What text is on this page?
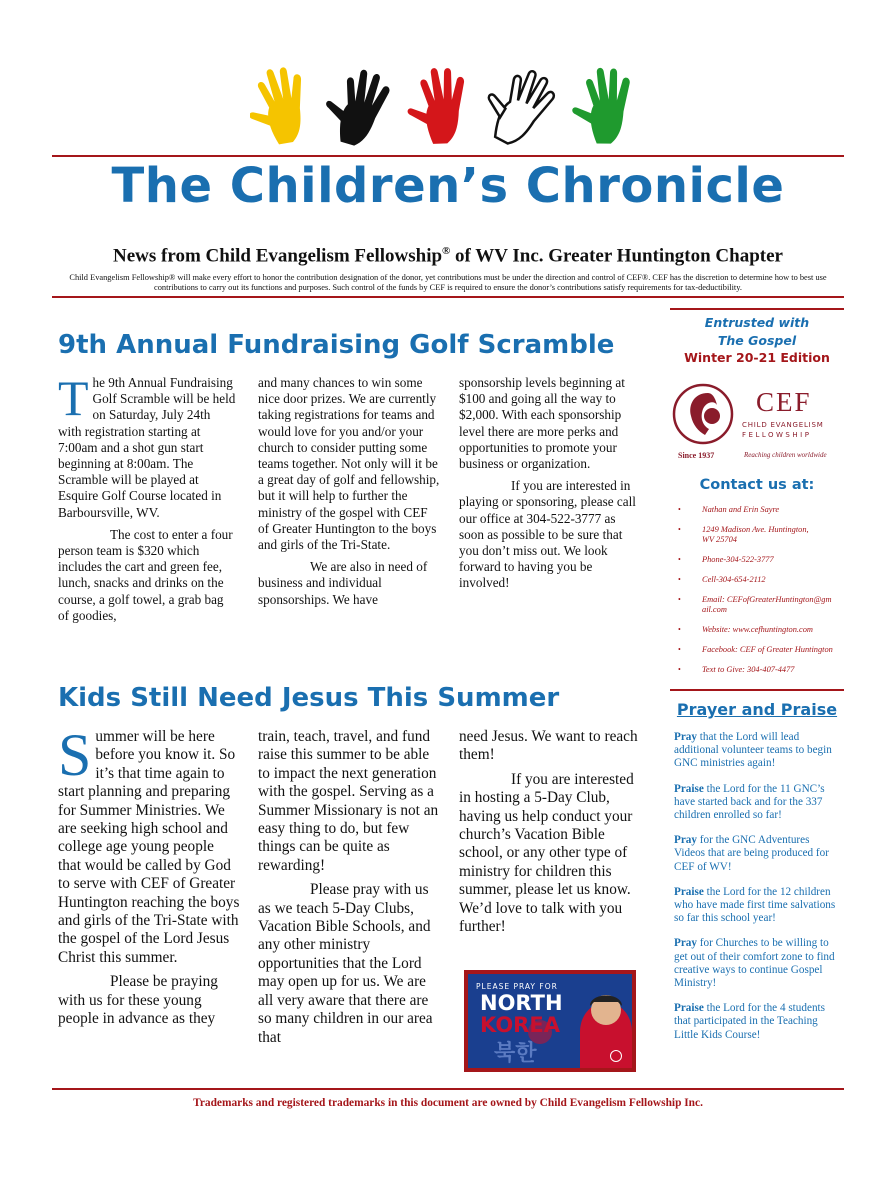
The Children’s Chronicle
News from Child Evangelism Fellowship® of WV Inc. Greater Huntington Chapter
Child Evangelism Fellowship® will make every effort to honor the contribution designation of the donor, yet contributions must be under the direction and control of CEF®. CEF has the discretion to determine how to best use contributions to carry out its functions and purposes. Such control of the funds by CEF is required to ensure the donor’s contributions satisfy requirements for tax-deductibility.
9th Annual Fundraising Golf Scramble
T he 9th Annual Fundraising Golf Scramble will be held on Saturday, July 24th with registration starting at 7:00am and a shot gun start beginning at 8:00am. The Scramble will be played at Esquire Golf Course located in Barboursville, WV.

The cost to enter a four person team is $320 which includes the cart and green fee, lunch, snacks and drinks on the course, a golf towel, a grab bag of goodies,

and many chances to win some nice door prizes. We are currently taking registrations for teams and would love for you and/or your church to consider putting some teams together. Not only will it be a great day of golf and fellowship, but it will help to further the ministry of the gospel with CEF of Greater Huntington to the boys and girls of the Tri-State.

We are also in need of business and individual sponsorships. We have

sponsorship levels beginning at $100 and going all the way to $2,000. With each sponsorship level there are more perks and opportunities to promote your business or organization.

If you are interested in playing or sponsoring, please call our office at 304-522-3777 as soon as possible to be sure that you don’t miss out. We look forward to having you be involved!

Kids Still Need Jesus This Summer
S ummer will be here before you know it. So it’s that time again to start planning and preparing for Summer Ministries. We are seeking high school and college age young people that would be called by God to serve with CEF of Greater Huntington reaching the boys and girls of the Tri-State with the gospel of the Lord Jesus Christ this summer.

Please be praying with us for these young people in advance as they

train, teach, travel, and fund raise this summer to be able to impact the next generation with the gospel. Serving as a Summer Missionary is not an easy thing to do, but few things can be quite as rewarding!

Please pray with us as we teach 5-Day Clubs, Vacation Bible Schools, and any other ministry opportunities that the Lord may open up for us. We are all very aware that there are so many children in our area that

need Jesus. We want to reach them!

If you are interested in hosting a 5-Day Club, having us help conduct your church’s Vacation Bible school, or any other type of ministry for children this summer, please let us know. We’d love to talk with you further!

PLEASE PRAY FOR
NORTH
KOREA
북한
Entrusted with
The Gospel
Winter 20-21 Edition
CEF
CHILD EVANGELISM
FELLOWSHIP
Since 1937	Reaching children worldwide
Contact us at:
• Nathan and Erin Sayre
• 1249 Madison Ave. Huntington, WV 25704
• Phone-304-522-3777
• Cell-304-654-2112
• Email: CEFofGreaterHuntington@gmail.com
• Website: www.cefhuntington.com
• Facebook: CEF of Greater Huntington
• Text to Give: 304-407-4477
Prayer and Praise

Pray that the Lord will lead additional volunteer teams to begin GNC ministries again!

Praise the Lord for the 11 GNC’s have started back and for the 337 children enrolled so far!

Pray for the GNC Adventures Videos that are being produced for CEF of WV!

Praise the Lord for the 12 children who have made first time salvations so far this school year!

Pray for Churches to be willing to get out of their comfort zone to find creative ways to continue Gospel Ministry!

Praise the Lord for the 4 students that participated in the Teaching Little Kids Course!

Trademarks and registered trademarks in this document are owned by Child Evangelism Fellowship Inc.
